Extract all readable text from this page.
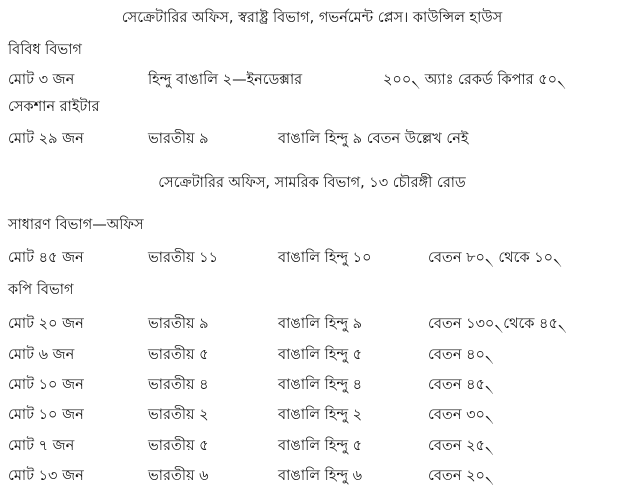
সেক্রেটারির অফিস, স্বরাষ্ট্র বিভাগ, গভর্নমেন্ট প্লেস। কাউন্সিল হাউস
বিবিধ বিভাগ
মোট ৩ জন	হিন্দু বাঙালি ২—ইনডেক্সার	২০০৲ অ্যাঃ রেকর্ড কিপার ৫০৲
সেকশান রাইটার
মোট ২৯ জন	ভারতীয় ৯	বাঙালি হিন্দু ৯ বেতন উল্লেখ নেই
সেক্রেটারির অফিস, সামরিক বিভাগ, ১৩ চৌরঙ্গী রোড
সাধারণ বিভাগ—অফিস
মোট ৪৫ জন	ভারতীয় ১১	বাঙালি হিন্দু ১০	বেতন ৮০৲ থেকে ১০৲
কপি বিভাগ
মোট ২০ জন	ভারতীয় ৯	বাঙালি হিন্দু ৯	বেতন ১৩০৲থেকে ৪৫৲
মোট ৬ জন	ভারতীয় ৫	বাঙালি হিন্দু ৫	বেতন ৪০৲
মোট ১০ জন	ভারতীয় ৪	বাঙালি হিন্দু ৪	বেতন ৪৫৲
মোট ১০ জন	ভারতীয় ২	বাঙালি হিন্দু ২	বেতন ৩০৲
মোট ৭ জন	ভারতীয় ৫	বাঙালি হিন্দু ৫	বেতন ২৫৲
মোট ১৩ জন	ভারতীয় ৬	বাঙালি হিন্দু ৬	বেতন ২০৲
